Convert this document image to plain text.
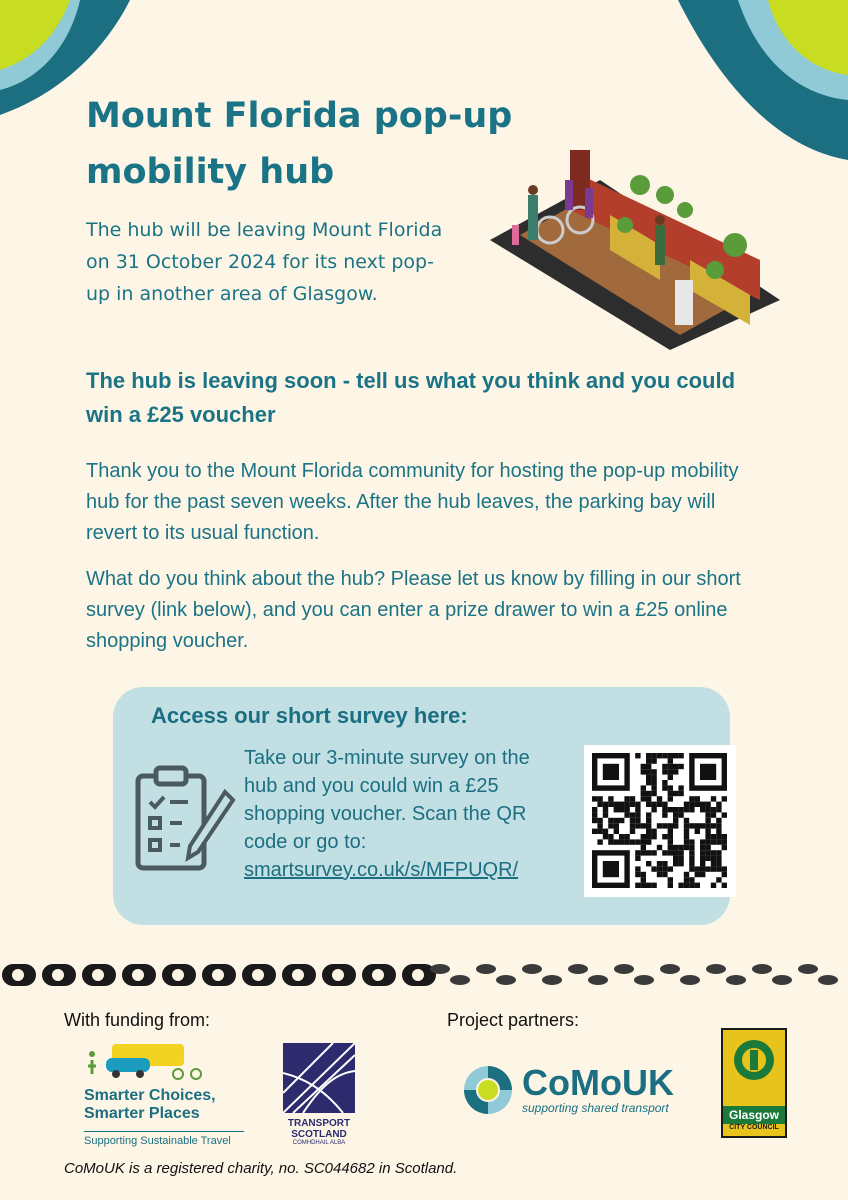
Mount Florida pop-up mobility hub

The hub will be leaving Mount Florida on 31 October 2024 for its next pop-up in another area of Glasgow.

The hub is leaving soon - tell us what you think and you could win a £25 voucher

Thank you to the Mount Florida community for hosting the pop-up mobility hub for the past seven weeks. After the hub leaves, the parking bay will revert to its usual function.

What do you think about the hub? Please let us know by filling in our short survey (link below), and you can enter a prize drawer to win a £25 online shopping voucher.

Access our short survey here:

Take our 3-minute survey on the hub and you could win a £25 shopping voucher. Scan the QR code or go to:
smartsurvey.co.uk/s/MFPUQR/

With funding from:	Project partners:

Smarter Choices,
Smarter Places
Supporting Sustainable Travel
TRANSPORT
SCOTLAND
COMHDHAIL ALBA
CoMoUK
supporting shared transport	Glasgow
CITY COUNCIL

CoMoUK is a registered charity, no. SC044682 in Scotland.
